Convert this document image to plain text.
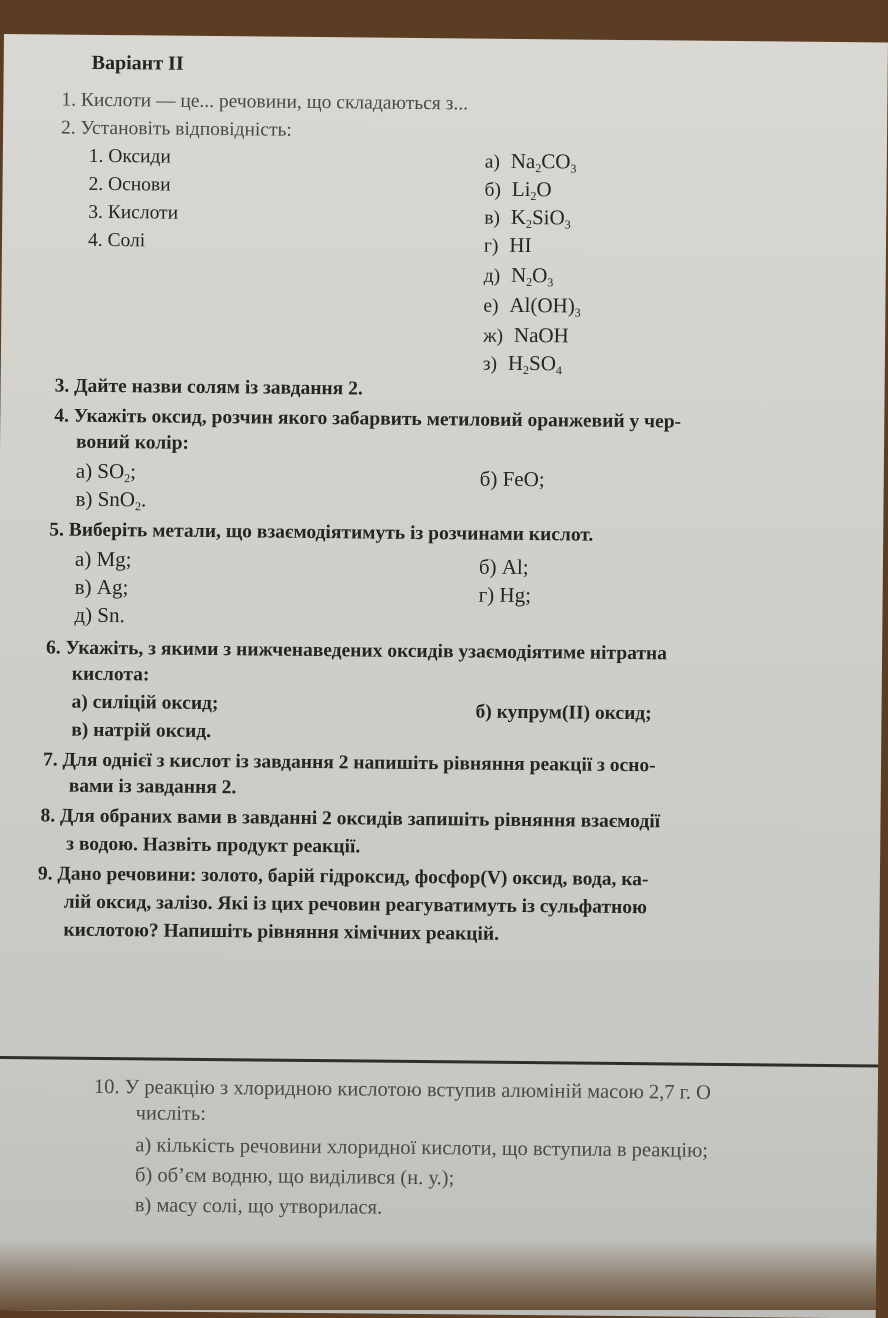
Варіант II
1. Кислоти — це... речовини, що складаються з...
2. Установіть відповідність:
1. Оксиди
2. Основи
3. Кислоти
4. Солі
а) $Na_2CO_3$
б) $Li_2O$
в) $K_2SiO_3$
г) HI
д) $N_2O_3$
е) $Al(OH)_3$
ж) NaOH
з) $H_2SO_4$
3. Дайте назви солям із завдання 2.
4. Укажіть оксид, розчин якого забарвить метиловий оранжевий у чер-
воний колір:
а) $SO_2$;	б) FeO;
в) SnO$_2$.
5. Виберіть метали, що взаємодіятимуть із розчинами кислот.
а) Mg;	б) Al;
в) Ag;	г) Hg;
д) Sn.
6. Укажіть, з якими з нижченаведених оксидів узаємодіятиме нітратна
кислота:
а) силіцій оксид;	б) купрум(II) оксид;
в) натрій оксид.
7. Для однієї з кислот із завдання 2 напишіть рівняння реакції з осно-
вами із завдання 2.
8. Для обраних вами в завданні 2 оксидів запишіть рівняння взаємодії
з водою. Назвіть продукт реакції.
9. Дано речовини: золото, барій гідроксид, фосфор(V) оксид, вода, ка-
лій оксид, залізо. Які із цих речовин реагуватимуть із сульфатною
кислотою? Напишіть рівняння хімічних реакцій.
10. У реакцію з хлоридною кислотою вступив алюміній масою 2,7 г. О
числіть:
а) кількість речовини хлоридної кислоти, що вступила в реакцію;
б) об’єм водню, що виділився (н. у.);
в) масу солі, що утворилася.
